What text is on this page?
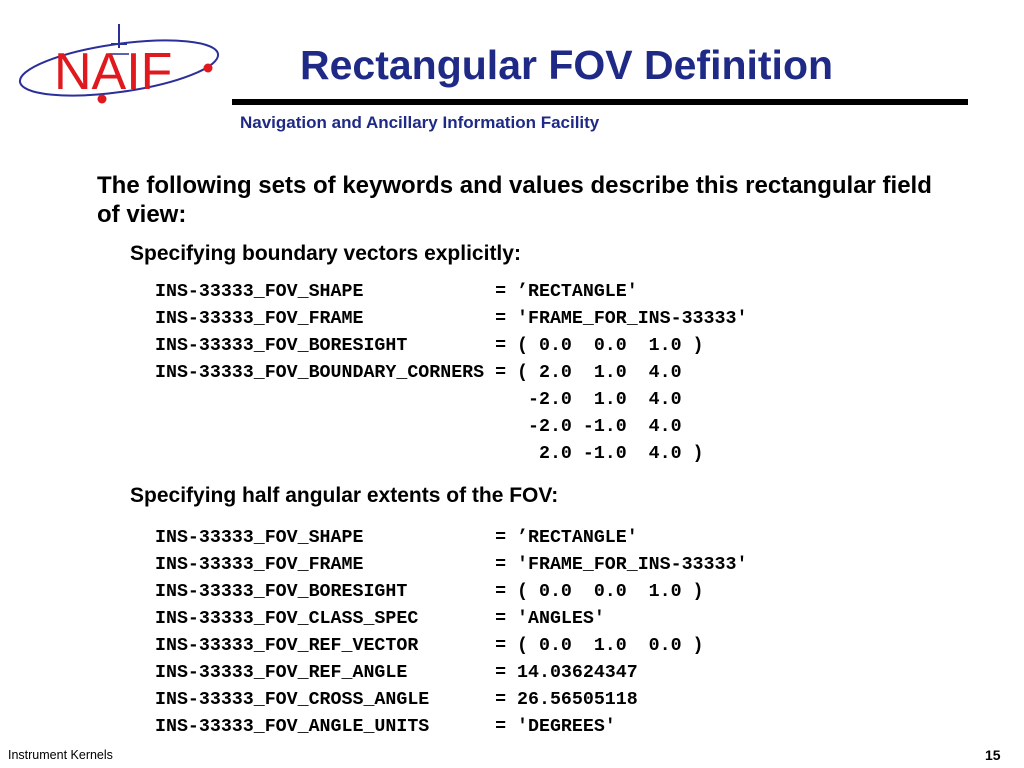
NAIF	Rectangular FOV Definition
Navigation and Ancillary Information Facility
The following sets of keywords and values describe this rectangular field of view:
Specifying boundary vectors explicitly:
INS-33333_FOV_SHAPE            = ’RECTANGLE'
INS-33333_FOV_FRAME            = 'FRAME_FOR_INS-33333'
INS-33333_FOV_BORESIGHT        = ( 0.0  0.0  1.0 )
INS-33333_FOV_BOUNDARY_CORNERS = ( 2.0  1.0  4.0
-2.0  1.0  4.0
-2.0 -1.0  4.0
2.0 -1.0  4.0 )
Specifying half angular extents of the FOV:
INS-33333_FOV_SHAPE            = ’RECTANGLE'
INS-33333_FOV_FRAME            = 'FRAME_FOR_INS-33333'
INS-33333_FOV_BORESIGHT        = ( 0.0  0.0  1.0 )
INS-33333_FOV_CLASS_SPEC       = 'ANGLES'
INS-33333_FOV_REF_VECTOR       = ( 0.0  1.0  0.0 )
INS-33333_FOV_REF_ANGLE        = 14.03624347
INS-33333_FOV_CROSS_ANGLE      = 26.56505118
INS-33333_FOV_ANGLE_UNITS      = 'DEGREES'
Instrument Kernels	15
